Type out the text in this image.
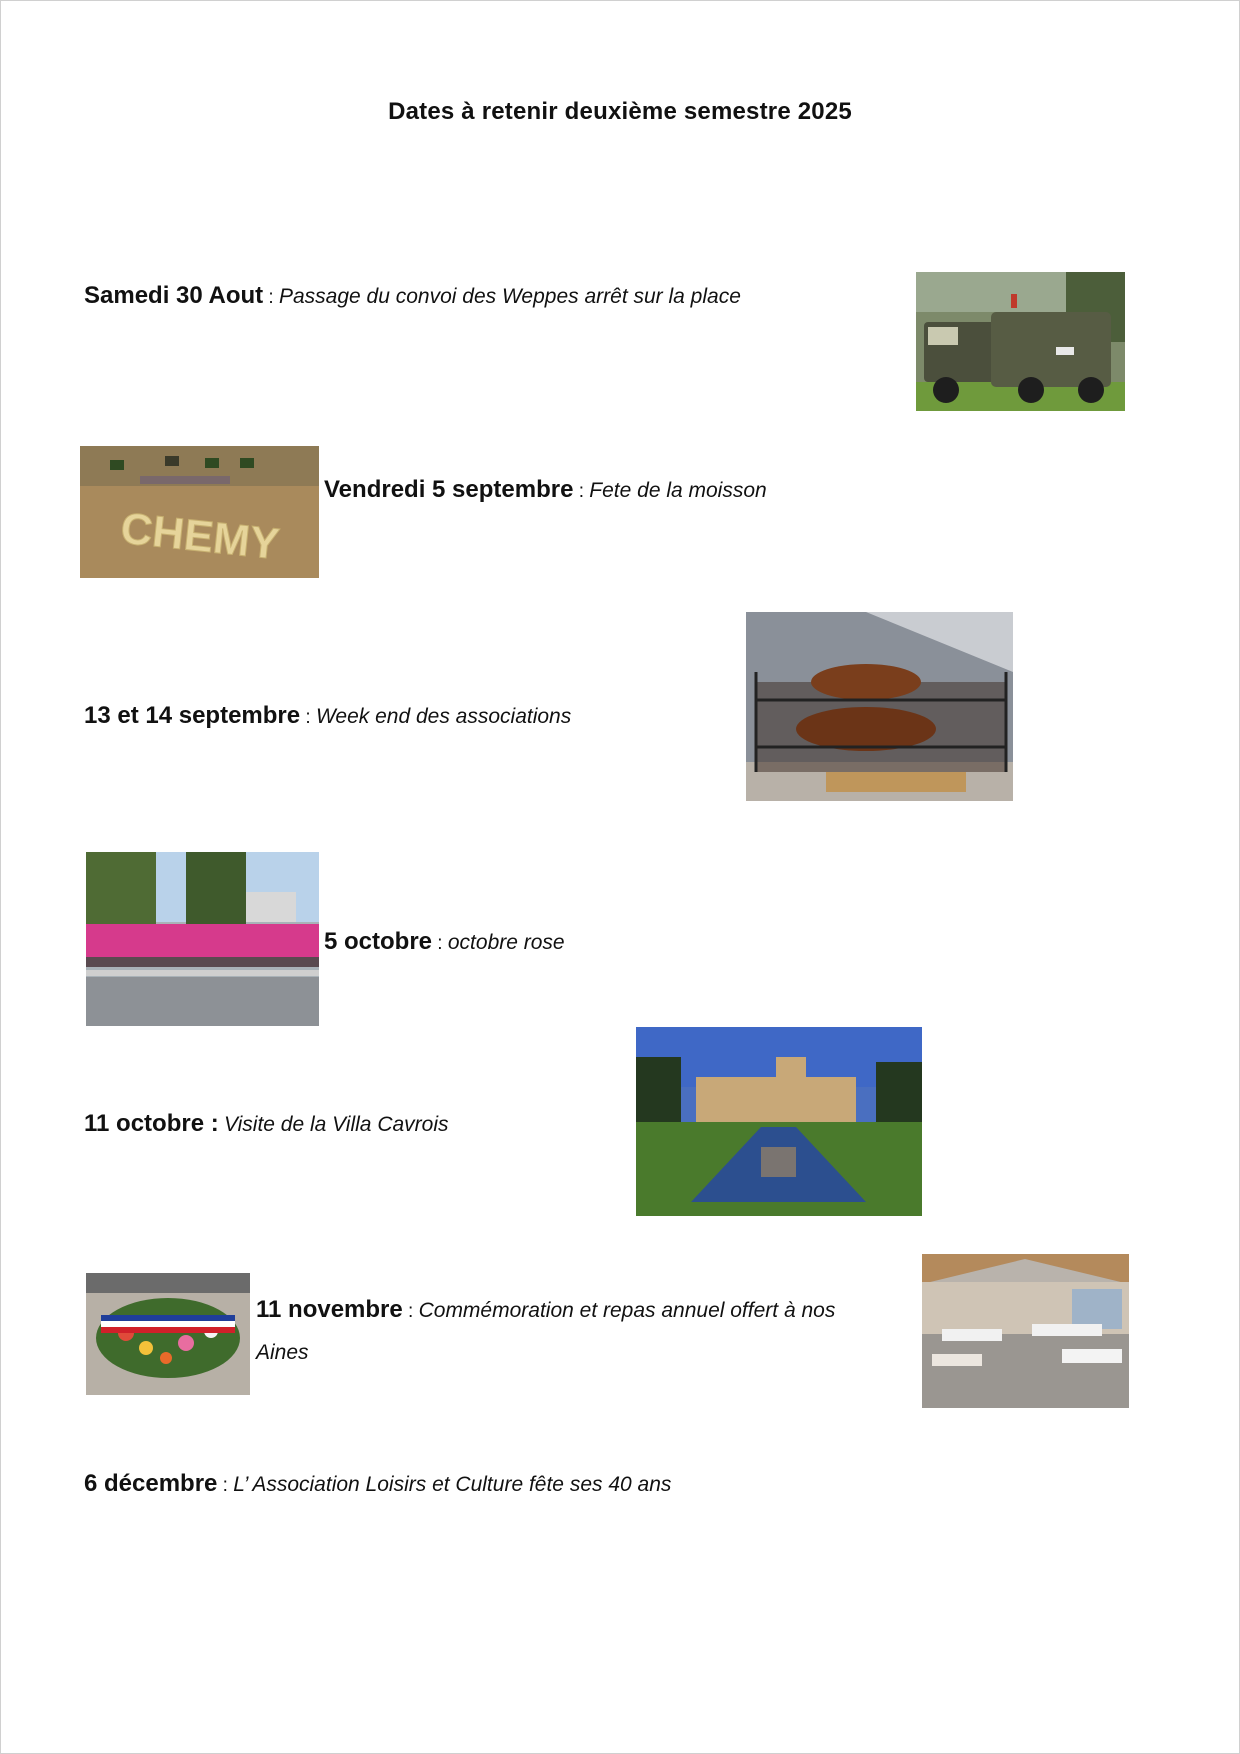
Dates à retenir deuxième semestre 2025
Samedi 30 Aout : Passage du convoi des Weppes arrêt sur la place
CHEMY
Vendredi 5 septembre : Fete de la moisson
13 et 14 septembre : Week end des associations
5 octobre : octobre rose
11 octobre : Visite de la Villa Cavrois
11 novembre : Commémoration et repas annuel offert à nos
Aines
6 décembre : L’ Association Loisirs et Culture fête ses 40 ans
